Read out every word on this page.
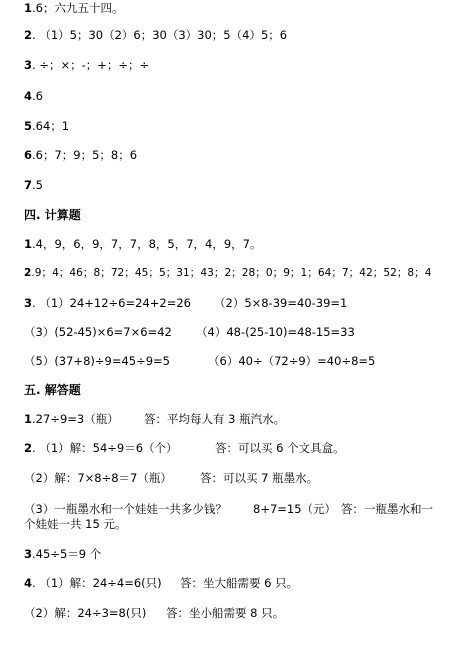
1.6；六九五十四。
2. （1）5；30（2）6；30（3）30；5（4）5；6
3. ÷；×；-；+；÷；÷
4.6
5.64；1
6.6；7；9；5；8；6
7.5
四. 计算题
1.4，9，6，9，7，7，8，5，7，4，9，7。
2.9；4；46；8；72；45；5；31；43；2；28；0；9；1；64；7；42；52；8；4
3. （1）24+12÷6=24+2=26 （2）5×8-39=40-39=1
（3）(52-45)×6=7×6=42 （4）48-(25-10)=48-15=33
（5）(37+8)÷9=45÷9=5	（6）40÷（72÷9）=40÷8=5
五. 解答题
1.27÷9=3（瓶） 答：平均每人有 3 瓶汽水。
2. （1）解：54÷9＝6（个）	答：可以买 6 个文具盒。
（2）解：7×8÷8＝7（瓶） 答：可以买 7 瓶墨水。
（3）一瓶墨水和一个娃娃一共多少钱？ 8+7=15（元） 答：一瓶墨水和一
个娃娃一共 15 元。
3.45÷5＝9 个
4. （1）解：24÷4=6(只) 答：坐大船需要 6 只。
（2）解：24÷3=8(只) 答：坐小船需要 8 只。
